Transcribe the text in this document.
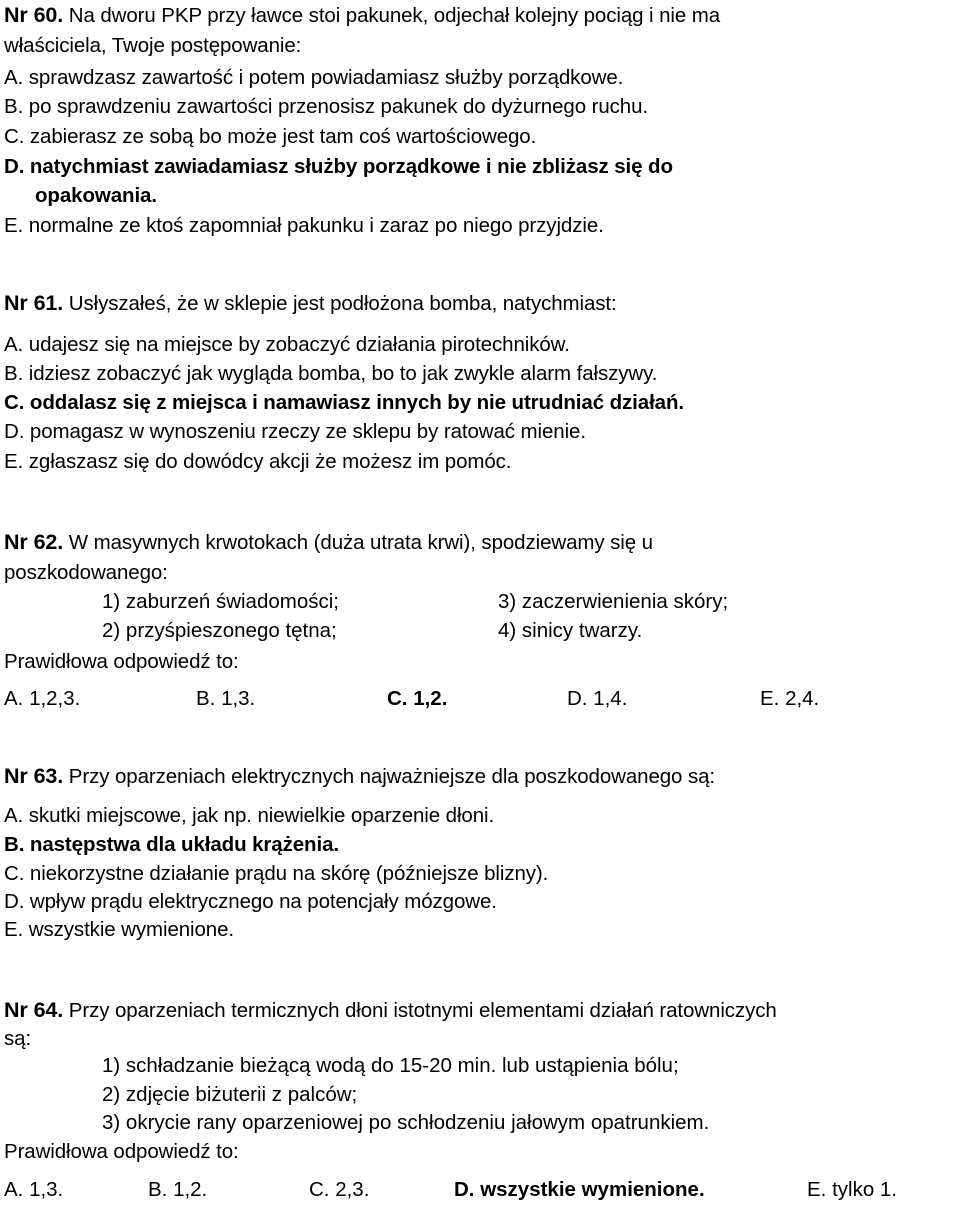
Nr 60. Na dworu PKP przy ławce stoi pakunek, odjechał kolejny pociąg i nie ma
właściciela, Twoje postępowanie:
A. sprawdzasz zawartość i potem powiadamiasz służby porządkowe.
B. po sprawdzeniu zawartości przenosisz pakunek do dyżurnego ruchu.
C. zabierasz ze sobą bo może jest tam coś wartościowego.
D. natychmiast zawiadamiasz służby porządkowe i nie zbliżasz się do
opakowania.
E. normalne ze ktoś zapomniał pakunku i zaraz po niego przyjdzie.
Nr 61. Usłyszałeś, że w sklepie jest podłożona bomba, natychmiast:
A. udajesz się na miejsce by zobaczyć działania pirotechników.
B. idziesz zobaczyć jak wygląda bomba, bo to jak zwykle alarm fałszywy.
C. oddalasz się z miejsca i namawiasz innych by nie utrudniać działań.
D. pomagasz w wynoszeniu rzeczy ze sklepu by ratować mienie.
E. zgłaszasz się do dowódcy akcji że możesz im pomóc.
Nr 62. W masywnych krwotokach (duża utrata krwi), spodziewamy się u
poszkodowanego:
1) zaburzeń świadomości;	3) zaczerwienienia skóry;
2) przyśpieszonego tętna;	4) sinicy twarzy.
Prawidłowa odpowiedź to:
A. 1,2,3.	B. 1,3.	C. 1,2.	D. 1,4.	E. 2,4.
Nr 63. Przy oparzeniach elektrycznych najważniejsze dla poszkodowanego są:
A. skutki miejscowe, jak np. niewielkie oparzenie dłoni.
B. następstwa dla układu krążenia.
C. niekorzystne działanie prądu na skórę (późniejsze blizny).
D. wpływ prądu elektrycznego na potencjały mózgowe.
E. wszystkie wymienione.
Nr 64. Przy oparzeniach termicznych dłoni istotnymi elementami działań ratowniczych
są:
1) schładzanie bieżącą wodą do 15-20 min. lub ustąpienia bólu;
2) zdjęcie biżuterii z palców;
3) okrycie rany oparzeniowej po schłodzeniu jałowym opatrunkiem.
Prawidłowa odpowiedź to:
A. 1,3.	B. 1,2.	C. 2,3.	D. wszystkie wymienione.	E. tylko 1.
